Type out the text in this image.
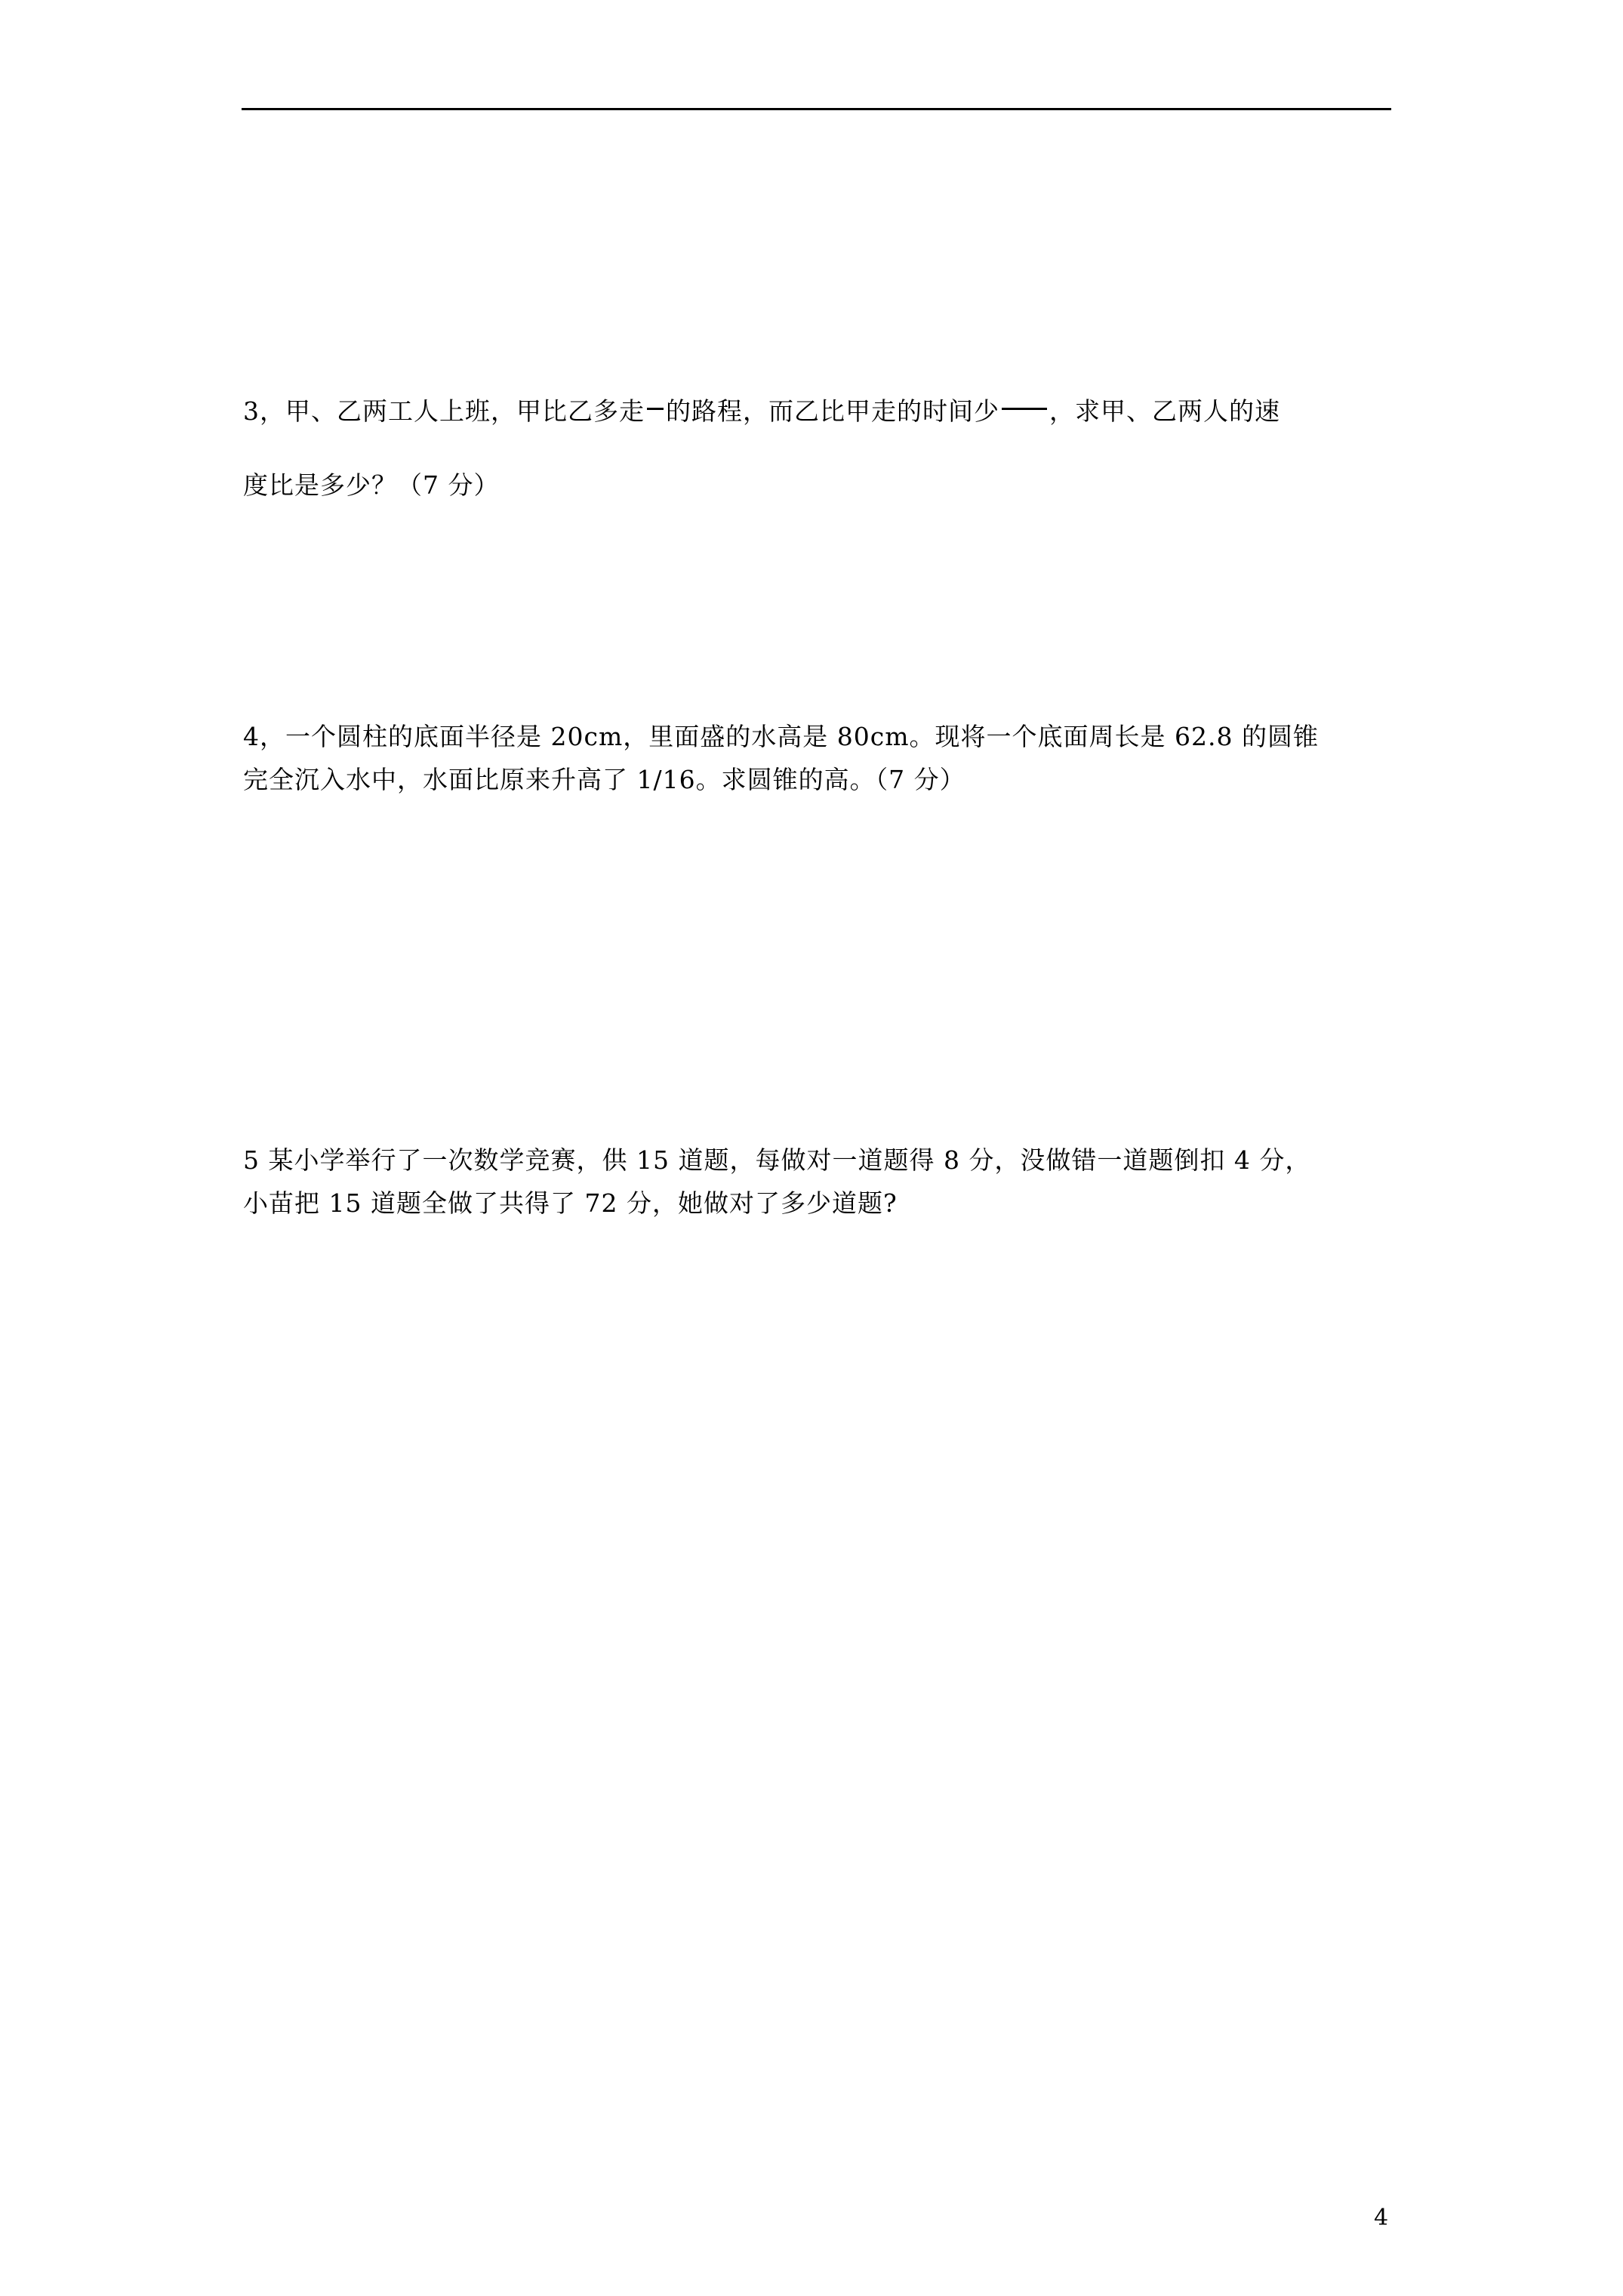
3，甲、乙两工人上班，甲比乙多走 的路程，而乙比甲走的时间少 ，求甲、乙两人的速
度比是多少？（7 分）
4，一个圆柱的底面半径是 20cm，里面盛的水高是 80cm。现将一个底面周长是 62.8 的圆锥
完全沉入水中，水面比原来升高了 1/16。求圆锥的高。（7 分）
5 某小学举行了一次数学竞赛，供 15 道题，每做对一道题得 8 分，没做错一道题倒扣 4 分，
小苗把 15 道题全做了共得了 72 分，她做对了多少道题?
4
